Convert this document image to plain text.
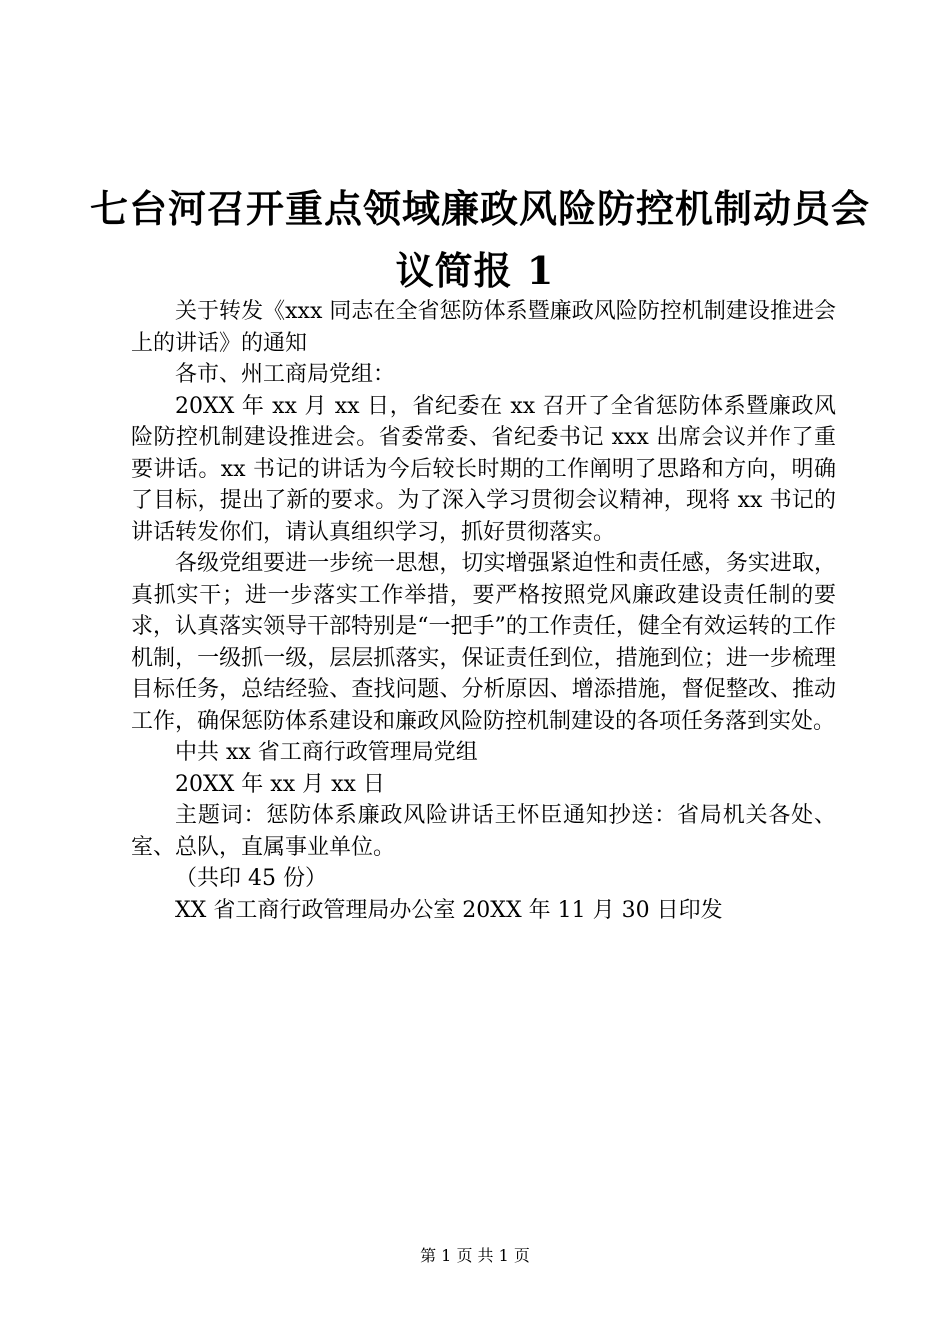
七台河召开重点领域廉政风险防控机制动员会
议简报 1

关于转发《xxx 同志在全省惩防体系暨廉政风险防控机制建设推进会上的讲话》的通知

各市、州工商局党组：

20XX 年 xx 月 xx 日，省纪委在 xx 召开了全省惩防体系暨廉政风险防控机制建设推进会。省委常委、省纪委书记 xxx 出席会议并作了重要讲话。xx 书记的讲话为今后较长时期的工作阐明了思路和方向，明确了目标，提出了新的要求。为了深入学习贯彻会议精神，现将 xx 书记的讲话转发你们，请认真组织学习，抓好贯彻落实。

各级党组要进一步统一思想，切实增强紧迫性和责任感，务实进取，真抓实干；进一步落实工作举措，要严格按照党风廉政建设责任制的要求，认真落实领导干部特别是“一把手”的工作责任，健全有效运转的工作机制，一级抓一级，层层抓落实，保证责任到位，措施到位；进一步梳理目标任务，总结经验、查找问题、分析原因、增添措施，督促整改、推动工作，确保惩防体系建设和廉政风险防控机制建设的各项任务落到实处。

中共 xx 省工商行政管理局党组

20XX 年 xx 月 xx 日

主题词：惩防体系廉政风险讲话王怀臣通知抄送：省局机关各处、室、总队，直属事业单位。

（共印 45 份）

XX 省工商行政管理局办公室 20XX 年 11 月 30 日印发

第 1 页 共 1 页
